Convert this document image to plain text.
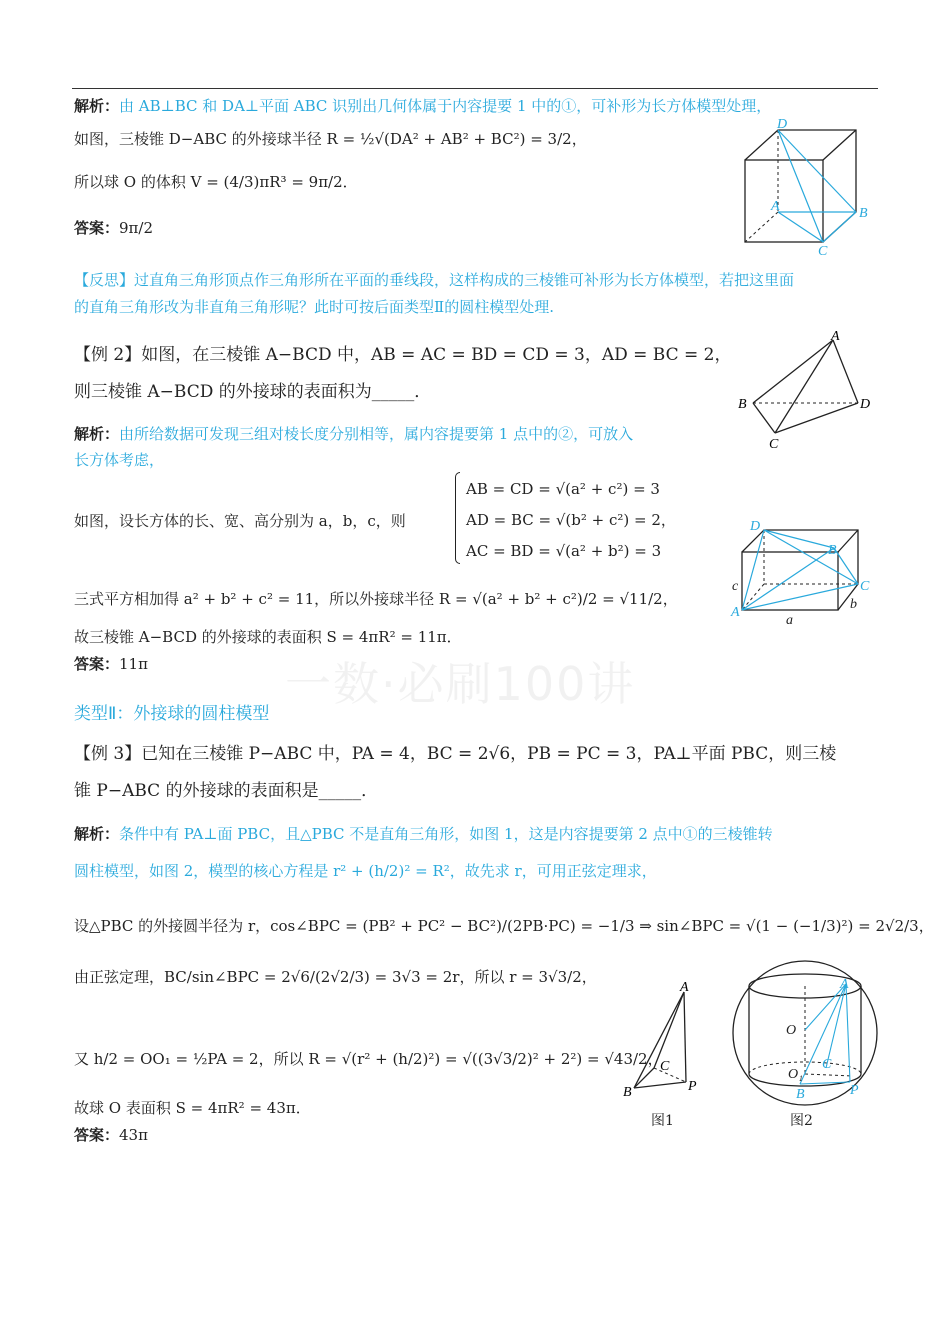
一数·必刷100讲
解析：由 AB⊥BC 和 DA⊥平面 ABC 识别出几何体属于内容提要 1 中的①，可补形为长方体模型处理，
如图，三棱锥 D−ABC 的外接球半径 R = ½√(DA² + AB² + BC²) = 3/2，
所以球 O 的体积 V = (4/3)πR³ = 9π/2．
答案：9π/2
【反思】过直角三角形顶点作三角形所在平面的垂线段，这样构成的三棱锥可补形为长方体模型，若把这里面
的直角三角形改为非直角三角形呢？此时可按后面类型Ⅱ的圆柱模型处理.
D
A	B
C
【例 2】如图，在三棱锥 A−BCD 中，AB = AC = BD = CD = 3，AD = BC = 2，
则三棱锥 A−BCD 的外接球的表面积为_____．
解析：由所给数据可发现三组对棱长度分别相等，属内容提要第 1 点中的②，可放入
长方体考虑，
如图，设长方体的长、宽、高分别为 a，b，c，则
AB = CD = √(a² + c²) = 3
AD = BC = √(b² + c²) = 2，
AC = BD = √(a² + b²) = 3
三式平方相加得 a² + b² + c² = 11，所以外接球半径 R = √(a² + b² + c²)/2 = √11/2，
故三棱锥 A−BCD 的外接球的表面积 S = 4πR² = 11π．
答案：11π
A
B
C
D
D
B
C
A
c
b
a
类型Ⅱ：外接球的圆柱模型
【例 3】已知在三棱锥 P−ABC 中，PA = 4，BC = 2√6，PB = PC = 3，PA⊥平面 PBC，则三棱
锥 P−ABC 的外接球的表面积是_____．
解析：条件中有 PA⊥面 PBC，且△PBC 不是直角三角形，如图 1，这是内容提要第 2 点中①的三棱锥转
圆柱模型，如图 2，模型的核心方程是 r² + (h/2)² = R²，故先求 r，可用正弦定理求，
设△PBC 的外接圆半径为 r，cos∠BPC = (PB² + PC² − BC²)/(2PB·PC) = −1/3 ⇒ sin∠BPC = √(1 − (−1/3)²) = 2√2/3，
由正弦定理，BC/sin∠BPC = 2√6/(2√2/3) = 3√3 = 2r，所以 r = 3√3/2，
又 h/2 = OO₁ = ½PA = 2，所以 R = √(r² + (h/2)²) = √((3√3/2)² + 2²) = √43/2，
故球 O 表面积 S = 4πR² = 43π．
答案：43π
A
C
B	P
图1
O
O₁
A
C
B	P
图2
